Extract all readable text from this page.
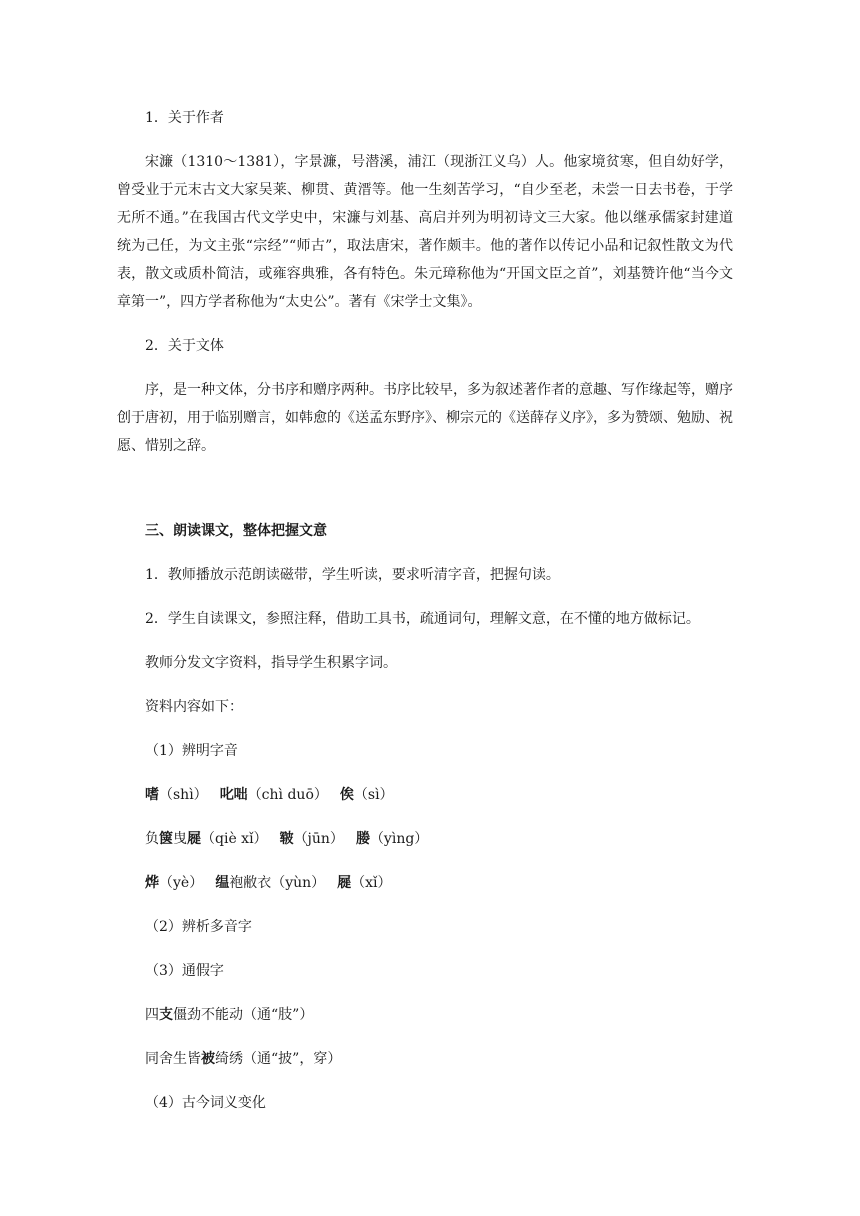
1．关于作者

宋濂（1310～1381），字景濂，号潜溪，浦江（现浙江义乌）人。他家境贫寒，但自幼好学，曾受业于元末古文大家吴莱、柳贯、黄溍等。他一生刻苦学习，“自少至老，未尝一日去书卷，于学无所不通。”在我国古代文学史中，宋濂与刘基、高启并列为明初诗文三大家。他以继承儒家封建道统为己任，为文主张“宗经”“师古”，取法唐宋，著作颇丰。他的著作以传记小品和记叙性散文为代表，散文或质朴简洁，或雍容典雅，各有特色。朱元璋称他为“开国文臣之首”，刘基赞许他“当今文章第一”，四方学者称他为“太史公”。著有《宋学士文集》。

2．关于文体

序，是一种文体，分书序和赠序两种。书序比较早，多为叙述著作者的意趣、写作缘起等，赠序创于唐初，用于临别赠言，如韩愈的《送孟东野序》、柳宗元的《送薛存义序》，多为赞颂、勉励、祝愿、惜别之辞。

三、朗读课文，整体把握文意

1．教师播放示范朗读磁带，学生听读，要求听清字音，把握句读。

2．学生自读课文，参照注释，借助工具书，疏通词句，理解文意，在不懂的地方做标记。

教师分发文字资料，指导学生积累字词。

资料内容如下：

（1）辨明字音

嗜（shì） 叱咄（chì duō） 俟（sì）

负箧曳屣（qiè xǐ） 皲（jūn） 媵（yìng）

烨（yè） 缊袍敝衣（yùn） 屣（xǐ）

（2）辨析多音字

（3）通假字

四支僵劲不能动（通“肢”）

同舍生皆被绮绣（通“披”，穿）

（4）古今词义变化
